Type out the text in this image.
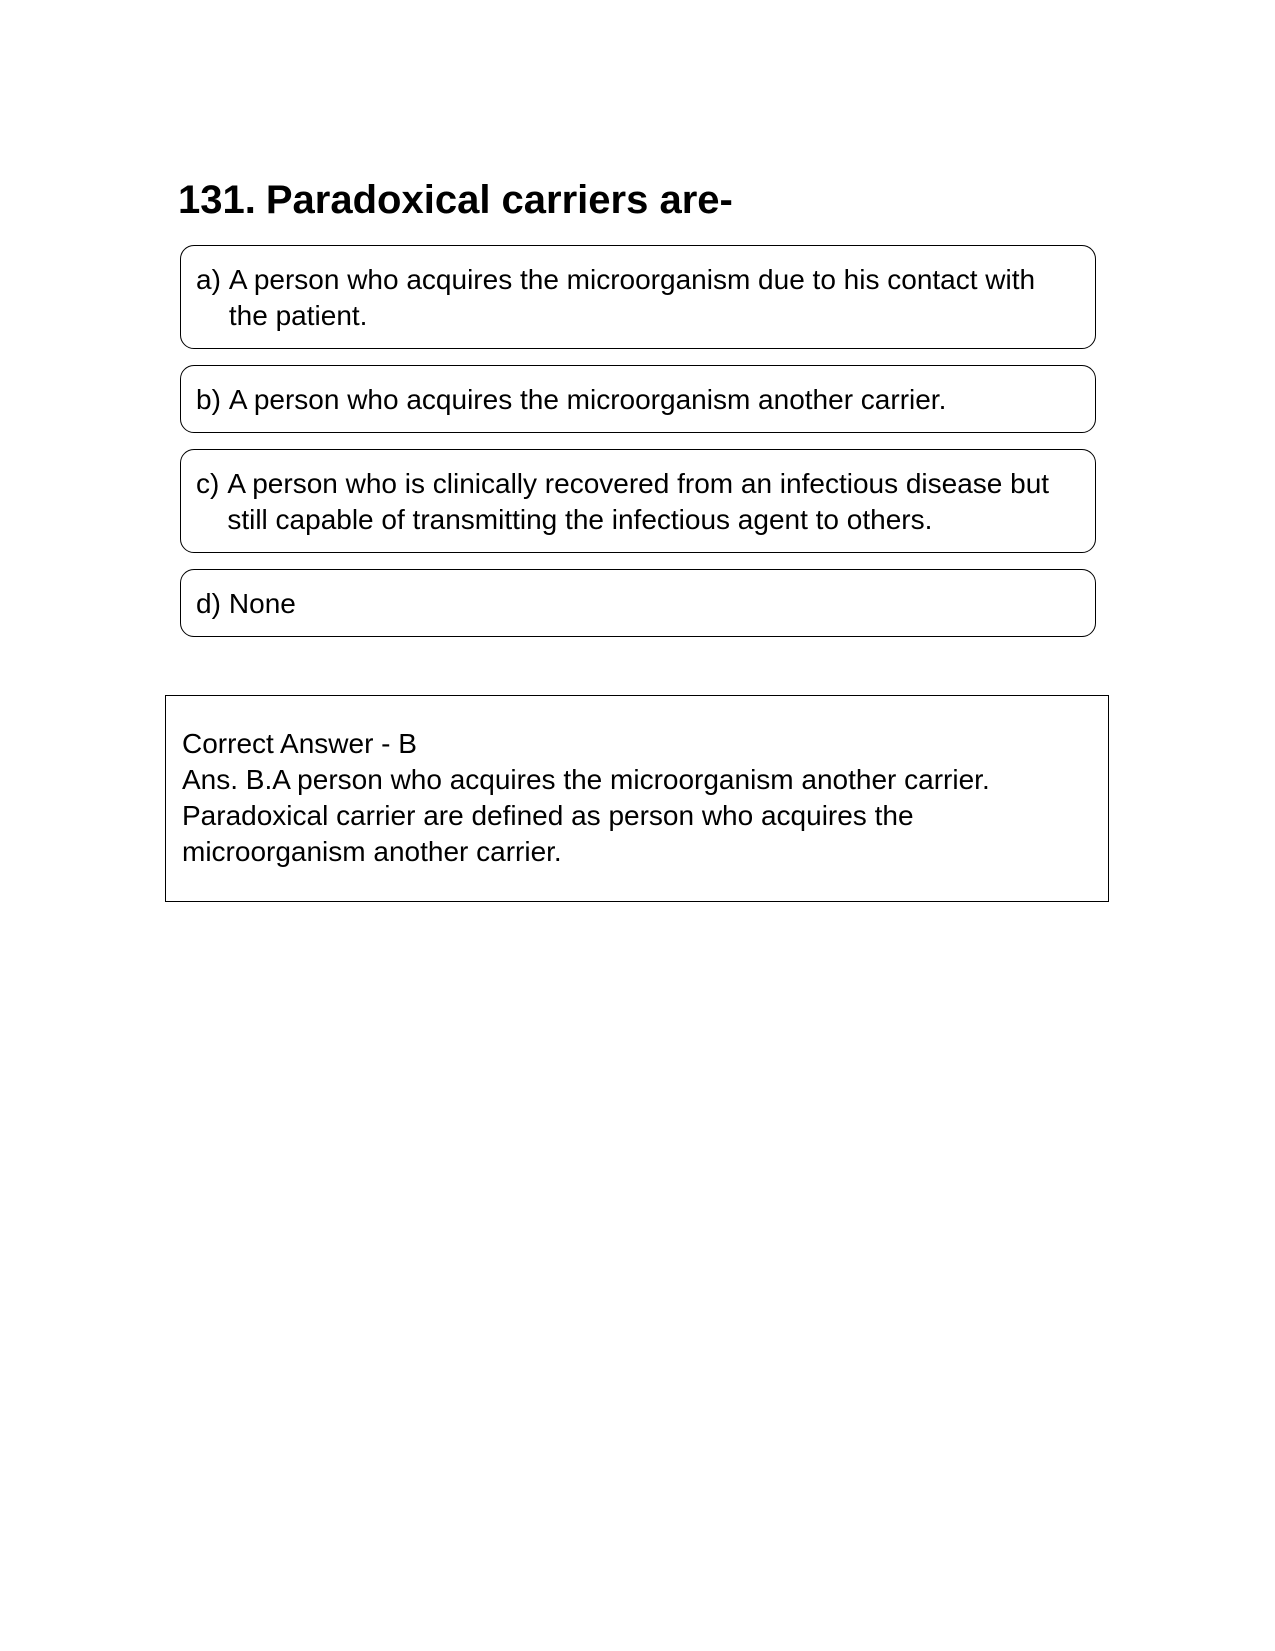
131. Paradoxical carriers are-
a) A person who acquires the microorganism due to his contact with the patient.
b) A person who acquires the microorganism another carrier.
c) A person who is clinically recovered from an infectious disease but still capable of transmitting the infectious agent to others.
d) None
Correct Answer - B
Ans. B.A person who acquires the microorganism another carrier.
Paradoxical carrier are defined as person who acquires the microorganism another carrier.
